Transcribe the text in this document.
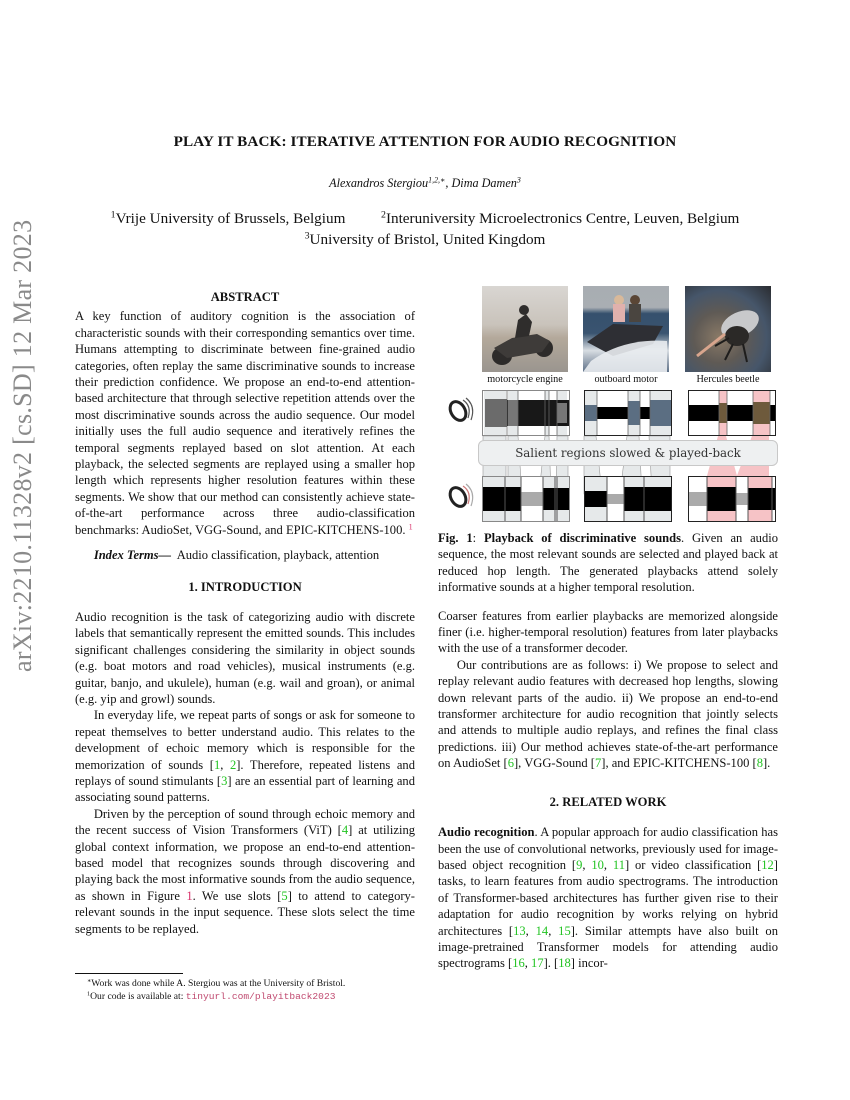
arXiv:2210.11328v2 [cs.SD] 12 Mar 2023
PLAY IT BACK: ITERATIVE ATTENTION FOR AUDIO RECOGNITION
Alexandros Stergiou$^{1,2,∗}$, Dima Damen$^3$
$^1$Vrije University of Brussels, Belgium	$^2$Interuniversity Microelectronics Centre, Leuven, Belgium
$^3$University of Bristol, United Kingdom
ABSTRACT

A key function of auditory cognition is the association of characteristic sounds with their corresponding semantics over time. Humans attempting to discriminate between fine-grained audio categories, often replay the same discriminative sounds to increase their prediction confidence. We propose an end-to-end attention-based architecture that through selective repetition attends over the most discriminative sounds across the audio sequence. Our model initially uses the full audio sequence and iteratively refines the temporal segments replayed based on slot attention. At each playback, the selected segments are replayed using a smaller hop length which represents higher resolution features within these segments. We show that our method can consistently achieve state-of-the-art performance across three audio-classification benchmarks: AudioSet, VGG-Sound, and EPIC-KITCHENS-100. $^1$

Index Terms— Audio classification, playback, attention

1. INTRODUCTION

Audio recognition is the task of categorizing audio with discrete labels that semantically represent the emitted sounds. This includes significant challenges considering the similarity in object sounds (e.g. boat motors and road vehicles), musical instruments (e.g. guitar, banjo, and ukulele), human (e.g. wail and groan), or animal (e.g. yip and growl) sounds.

In everyday life, we repeat parts of songs or ask for someone to repeat themselves to better understand audio. This relates to the development of echoic memory which is responsible for the memorization of sounds [1, 2]. Therefore, repeated listens and replays of sound stimulants [3] are an essential part of learning and associating sound patterns.

Driven by the perception of sound through echoic memory and the recent success of Vision Transformers (ViT) [4] at utilizing global context information, we propose an end-to-end attention-based model that recognizes sounds through discovering and playing back the most informative sounds from the audio sequence, as shown in Figure 1. We use slots [5] to attend to category-relevant sounds in the input sequence. These slots select the time segments to be replayed.

∗Work was done while A. Stergiou was at the University of Bristol.
$^1$Our code is available at: tinyurl.com/playitback2023
motorcycle engine	outboard motor	Hercules beetle
Salient regions slowed & played-back

Fig. 1: Playback of discriminative sounds. Given an audio sequence, the most relevant sounds are selected and played back at reduced hop length. The generated playbacks attend solely informative sounds at a higher temporal resolution.

Coarser features from earlier playbacks are memorized alongside finer (i.e. higher-temporal resolution) features from later playbacks with the use of a transformer decoder.

Our contributions are as follows: i) We propose to select and replay relevant audio features with decreased hop lengths, slowing down relevant parts of the audio. ii) We propose an end-to-end transformer architecture for audio recognition that jointly selects and attends to multiple audio replays, and refines the final class predictions. iii) Our method achieves state-of-the-art performance on AudioSet [6], VGG-Sound [7], and EPIC-KITCHENS-100 [8].

2. RELATED WORK

Audio recognition. A popular approach for audio classification has been the use of convolutional networks, previously used for image-based object recognition [9, 10, 11] or video classification [12] tasks, to learn features from audio spectrograms. The introduction of Transformer-based architectures has further given rise to their adaptation for audio recognition by works relying on hybrid architectures [13, 14, 15]. Similar attempts have also built on image-pretrained Transformer models for attending audio spectrograms [16, 17]. [18] incor-
